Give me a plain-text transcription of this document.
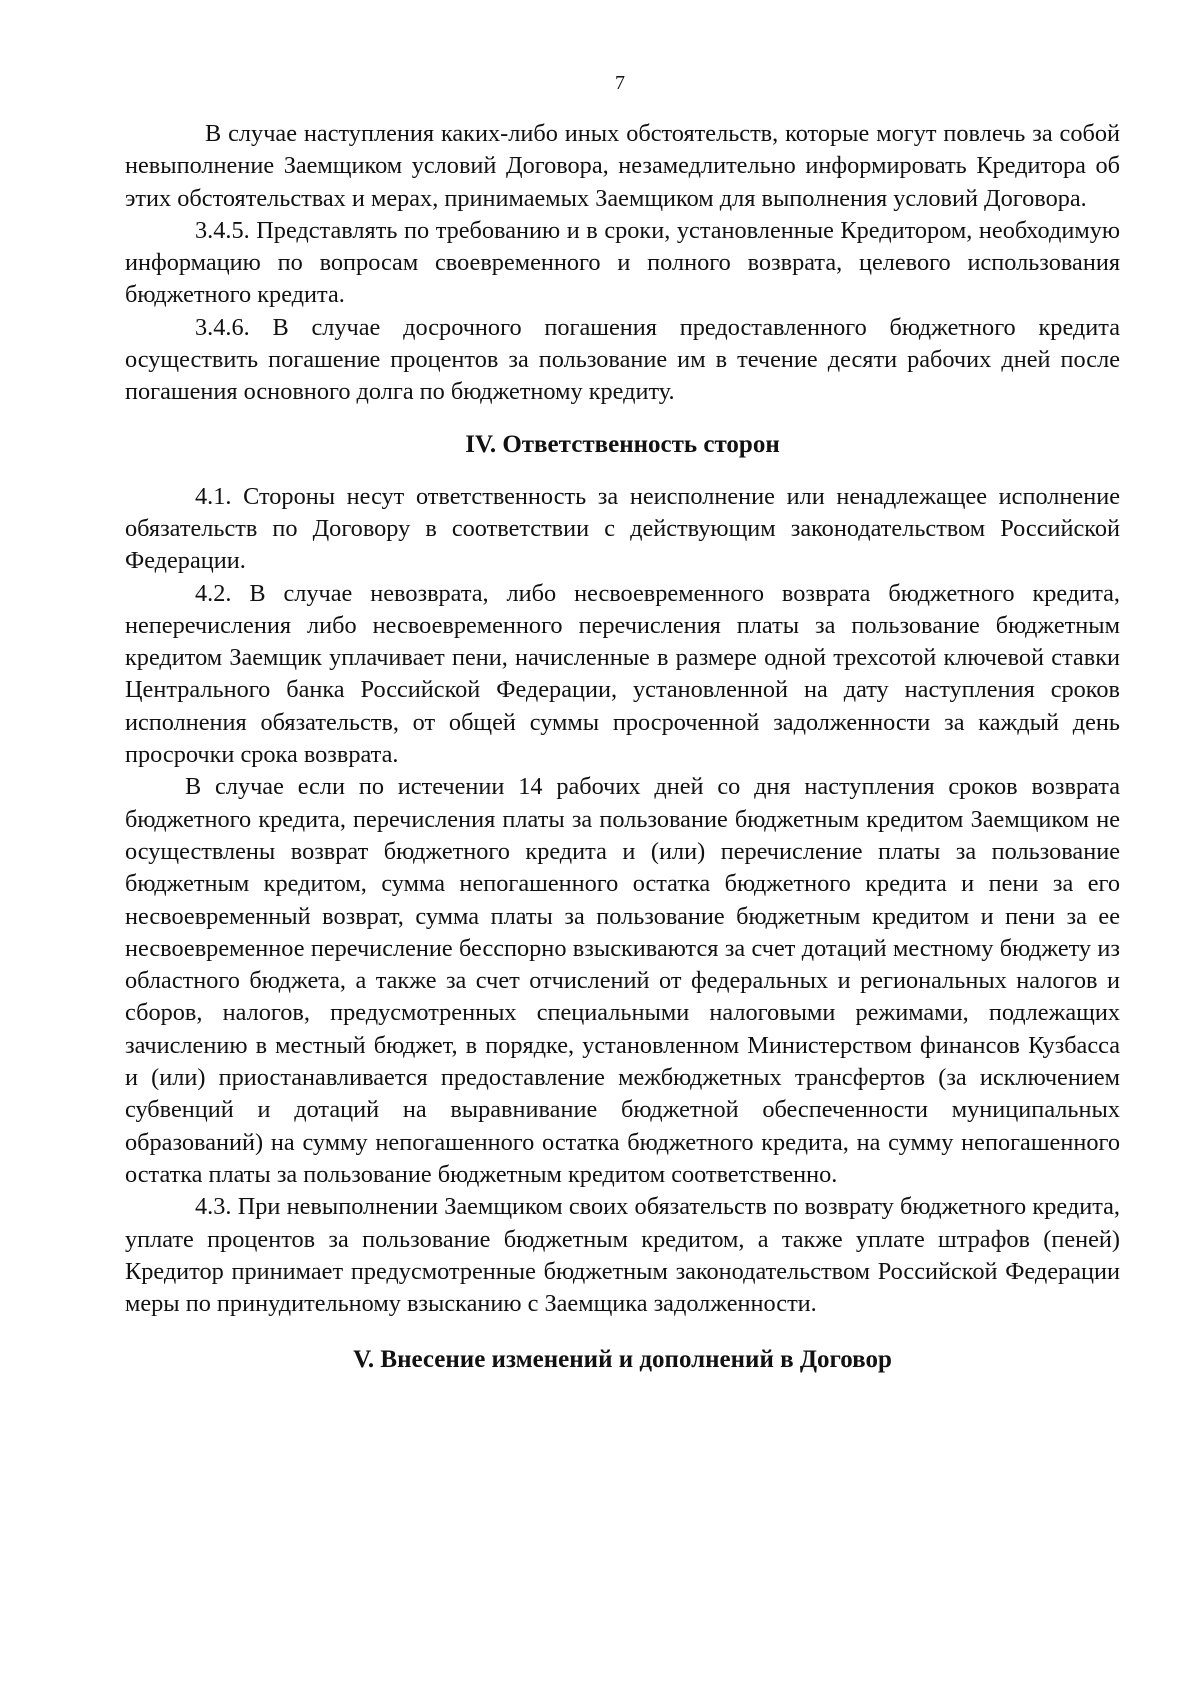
7

В случае наступления каких-либо иных обстоятельств, которые могут повлечь за собой невыполнение Заемщиком условий Договора, незамедлительно информировать Кредитора об этих обстоятельствах и мерах, принимаемых Заемщиком для выполнения условий Договора.

3.4.5. Представлять по требованию и в сроки, установленные Кредитором, необходимую информацию по вопросам своевременного и полного возврата, целевого использования бюджетного кредита.

3.4.6. В случае досрочного погашения предоставленного бюджетного кредита осуществить погашение процентов за пользование им в течение десяти рабочих дней после погашения основного долга по бюджетному кредиту.

IV. Ответственность сторон

4.1. Стороны несут ответственность за неисполнение или ненадлежащее исполнение обязательств по Договору в соответствии с действующим законодательством Российской Федерации.

4.2. В случае невозврата, либо несвоевременного возврата бюджетного кредита, неперечисления либо несвоевременного перечисления платы за пользование бюджетным кредитом Заемщик уплачивает пени, начисленные в размере одной трехсотой ключевой ставки Центрального банка Российской Федерации, установленной на дату наступления сроков исполнения обязательств, от общей суммы просроченной задолженности за каждый день просрочки срока возврата.

В случае если по истечении 14 рабочих дней со дня наступления сроков возврата бюджетного кредита, перечисления платы за пользование бюджетным кредитом Заемщиком не осуществлены возврат бюджетного кредита и (или) перечисление платы за пользование бюджетным кредитом, сумма непогашенного остатка бюджетного кредита и пени за его несвоевременный возврат, сумма платы за пользование бюджетным кредитом и пени за ее несвоевременное перечисление бесспорно взыскиваются за счет дотаций местному бюджету из областного бюджета, а также за счет отчислений от федеральных и региональных налогов и сборов, налогов, предусмотренных специальными налоговыми режимами, подлежащих зачислению в местный бюджет, в порядке, установленном Министерством финансов Кузбасса и (или) приостанавливается предоставление межбюджетных трансфертов (за исключением субвенций и дотаций на выравнивание бюджетной обеспеченности муниципальных образований) на сумму непогашенного остатка бюджетного кредита, на сумму непогашенного остатка платы за пользование бюджетным кредитом соответственно.

4.3. При невыполнении Заемщиком своих обязательств по возврату бюджетного кредита, уплате процентов за пользование бюджетным кредитом, а также уплате штрафов (пеней) Кредитор принимает предусмотренные бюджетным законодательством Российской Федерации меры по принудительному взысканию с Заемщика задолженности.

V. Внесение изменений и дополнений в Договор
